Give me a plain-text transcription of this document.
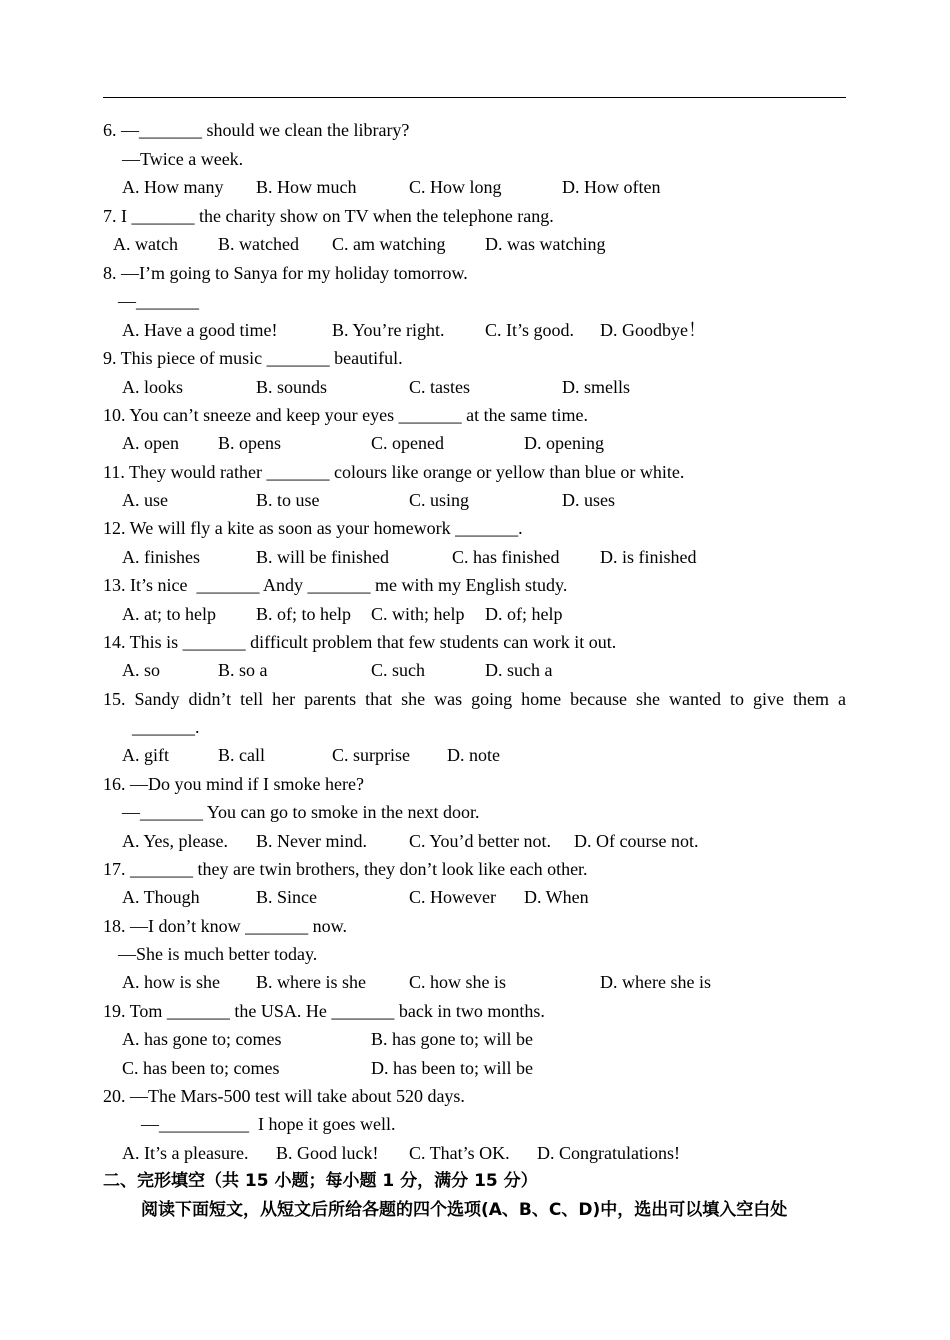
6. —_______ should we clean the library?
—Twice a week.
A. How many B. How much	C. How long	D. How often
7. I _______ the charity show on TV when the telephone rang.
A. watch B. watched C. am watching D. was watching
8. —I’m going to Sanya for my holiday tomorrow.
—_______
A. Have a good time!	B. You’re right. C. It’s good. D. Goodbye！
9. This piece of music _______ beautiful.
A. looks	B. sounds	C. tastes	D. smells
10. You can’t sneeze and keep your eyes _______ at the same time.
A. open B. opens	C. opened	D. opening
11. They would rather _______ colours like orange or yellow than blue or white.
A. use	B. to use	C. using	D. uses
12. We will fly a kite as soon as your homework _______.
A. finishes	B. will be finished	C. has finished D. is finished
13. It’s nice  _______ Andy _______ me with my English study.
A. at; to help B. of; to help C. with; help D. of; help
14. This is _______ difficult problem that few students can work it out.
A. so	B. so a	C. such	D. such a
15. Sandy didn’t tell her parents that she was going home because she wanted to give them a
_______.
A. gift	B. call	C. surprise D. note
16. —Do you mind if I smoke here?
—_______ You can go to smoke in the next door.
A. Yes, please. B. Never mind. C. You’d better not. D. Of course not.
17. _______ they are twin brothers, they don’t look like each other.
A. Though	B. Since	C. However D. When
18. —I don’t know _______ now.
—She is much better today.
A. how is she B. where is she C. how she is	D. where she is
19. Tom _______ the USA. He _______ back in two months.
A. has gone to; comes	B. has gone to; will be
C. has been to; comes	D. has been to; will be
20. —The Mars-500 test will take about 520 days.
—__________  I hope it goes well.
A. It’s a pleasure. B. Good luck! C. That’s OK. D. Congratulations!
二、完形填空（共 15 小题；每小题 1 分，满分 15 分）
阅读下面短文，从短文后所给各题的四个选项(A、B、C、D)中，选出可以填入空白处
